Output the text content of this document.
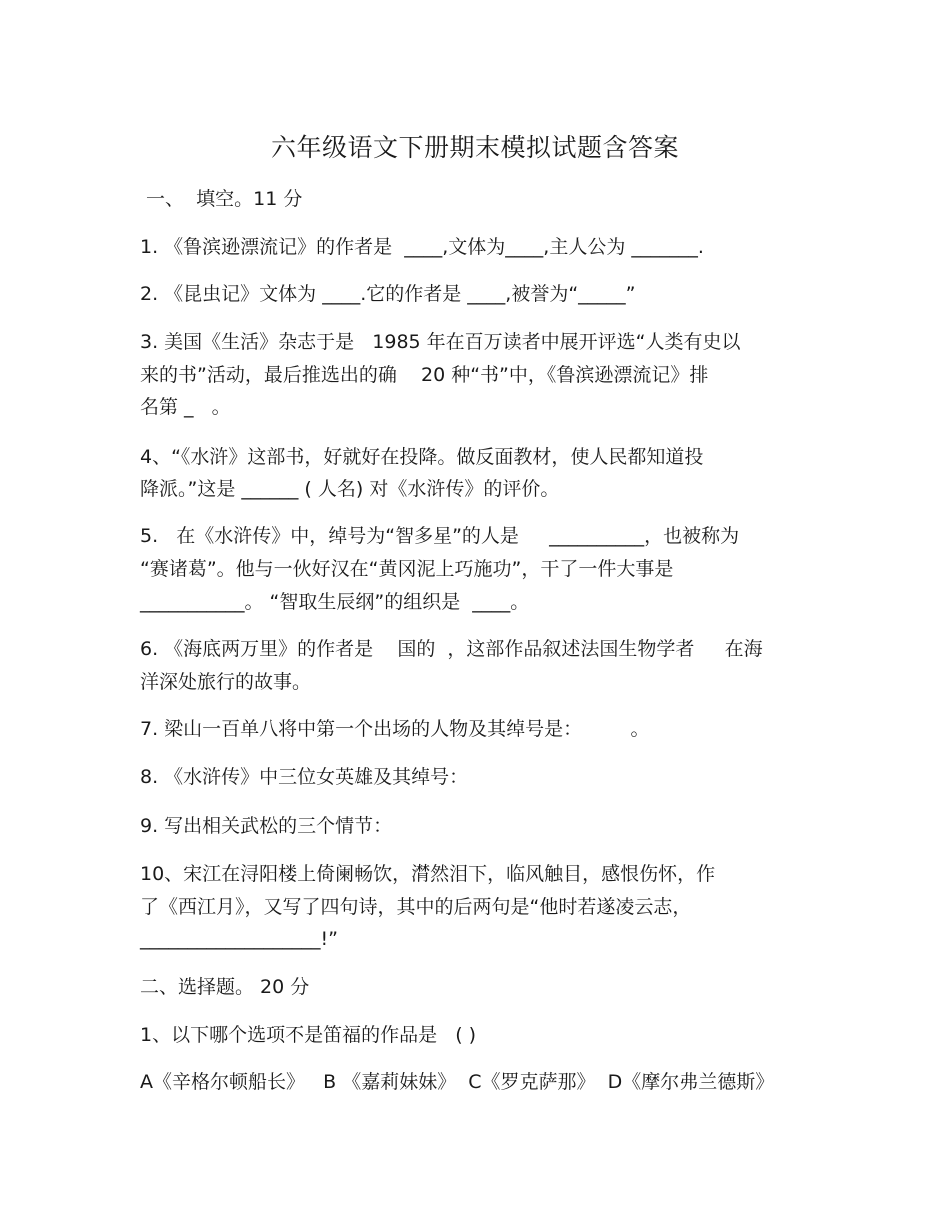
六年级语文下册期末模拟试题含答案
一、  填空。11 分
1. 《鲁滨逊漂流记》的作者是  ____,文体为____,主人公为 _______.
2. 《昆虫记》文体为 ____.它的作者是 ____,被誉为“_____”
3. 美国《生活》杂志于是   1985 年在百万读者中展开评选“人类有史以
来的书”活动，最后推选出的确    20 种“书”中，《鲁滨逊漂流记》排
名第 _   。
4、“《水浒》这部书，好就好在投降。做反面教材，使人民都知道投
降派。”这是 ______ ( 人名) 对《水浒传》的评价。
5.   在《水浒传》中，绰号为“智多星”的人是     __________，也被称为
“赛诸葛”。他与一伙好汉在“黄冈泥上巧施功”，干了一件大事是
___________。 “智取生辰纲”的组织是  ____。
6. 《海底两万里》的作者是    国的  ，这部作品叙述法国生物学者     在海
洋深处旅行的故事。
7. 梁山一百单八将中第一个出场的人物及其绰号是：        。
8. 《水浒传》中三位女英雄及其绰号：
9. 写出相关武松的三个情节：
10、宋江在浔阳楼上倚阑畅饮，潸然泪下，临风触目，感恨伤怀，作
了《西江月》，又写了四句诗，其中的后两句是“他时若遂凌云志，
___________________!”
二、选择题。 20 分
1、以下哪个选项不是笛福的作品是   ( )
A《辛格尔顿船长》   B 《嘉莉妹妹》  C《罗克萨那》  D《摩尔弗兰德斯》
